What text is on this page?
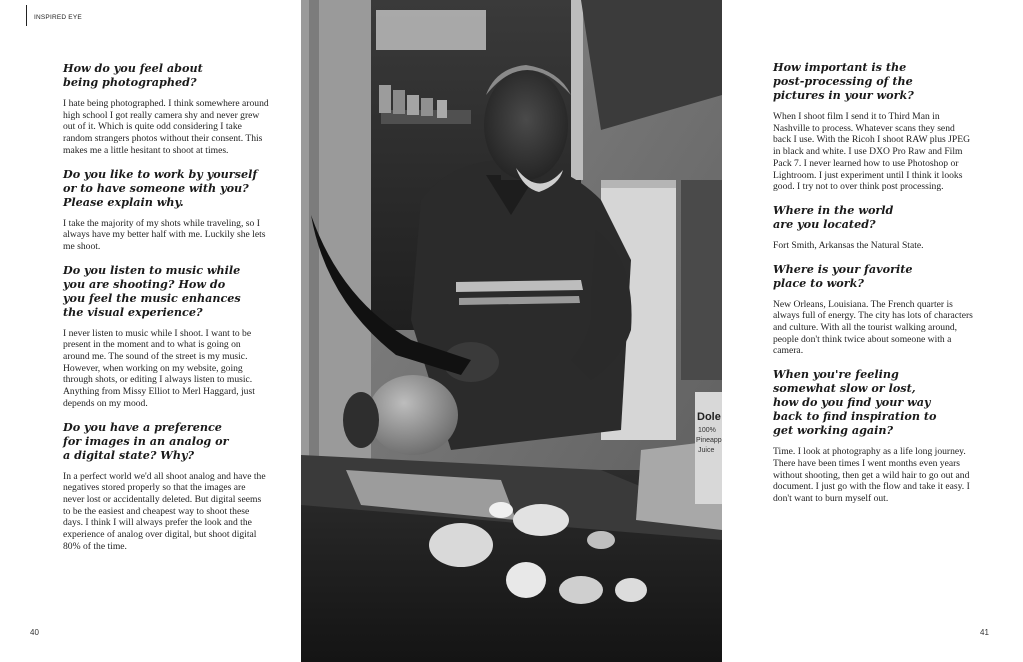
INSPIRED EYE
How do you feel about being photographed?

I hate being photographed. I think somewhere around high school I got really camera shy and never grew out of it. Which is quite odd considering I take random strangers photos without their consent. This makes me a little hesitant to shoot at times.

Do you like to work by yourself or to have someone with you? Please explain why.

I take the majority of my shots while traveling, so I always have my better half with me. Luckily she lets me shoot.

Do you listen to music while you are shooting? How do you feel the music enhances the visual experience?

I never listen to music while I shoot. I want to be present in the moment and to what is going on around me. The sound of the street is my music. However, when working on my website, going through shots, or editing I always listen to music. Anything from Missy Elliot to Merl Haggard, just depends on my mood.

Do you have a preference for images in an analog or a digital state? Why?

In a perfect world we'd all shoot analog and have the negatives stored properly so that the images are never lost or accidentally deleted. But digital seems to be the easiest and cheapest way to shoot these days. I think I will always prefer the look and the experience of analog over digital, but shoot digital 80% of the time.

40
Dole
100%
Pineapp
Juice
How important is the post-processing of the pictures in your work?

When I shoot film I send it to Third Man in Nashville to process. Whatever scans they send back I use. With the Ricoh I shoot RAW plus JPEG in black and white. I use DXO Pro Raw and Film Pack 7. I never learned how to use Photoshop or Lightroom. I just experiment until I think it looks good. I try not to over think post processing.

Where in the world are you located?

Fort Smith, Arkansas the Natural State.

Where is your favorite place to work?

New Orleans, Louisiana. The French quarter is always full of energy. The city has lots of characters and culture. With all the tourist walking around, people don't think twice about someone with a camera.

When you're feeling somewhat slow or lost, how do you find your way back to find inspiration to get working again?

Time. I look at photography as a life long journey. There have been times I went months even years without shooting, then get a wild hair to go out and document. I just go with the flow and take it easy. I don't want to burn myself out.

41
